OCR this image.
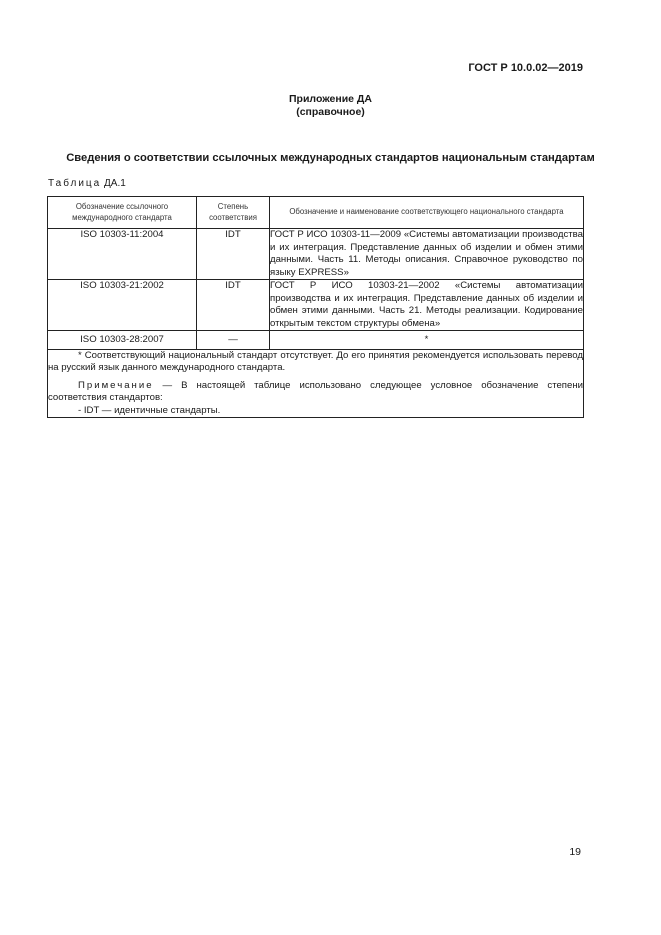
ГОСТ Р 10.0.02—2019
Приложение ДА
(справочное)
Сведения о соответствии ссылочных международных стандартов национальным стандартам
Таблица ДА.1
Обозначение ссылочного международного стандарта	Степень соответствия	Обозначение и наименование соответствующего национального стандарта
ISO 10303-11:2004	IDT	ГОСТ Р ИСО 10303-11—2009 «Системы автоматизации производства и их интеграция. Представление данных об изделии и обмен этими данными. Часть 11. Методы описания. Справочное руководство по языку EXPRESS»
ISO 10303-21:2002	IDT	ГОСТ Р ИСО 10303-21—2002 «Системы автоматизации производства и их интеграция. Представление данных об изделии и обмен этими данными. Часть 21. Методы реализации. Кодирование открытым текстом структуры обмена»
ISO 10303-28:2007	—	*

* Соответствующий национальный стандарт отсутствует. До его принятия рекомендуется использовать перевод на русский язык данного международного стандарта.

Примечание — В настоящей таблице использовано следующее условное обозначение степени соответствия стандартов:

- IDT — идентичные стандарты.		

19
